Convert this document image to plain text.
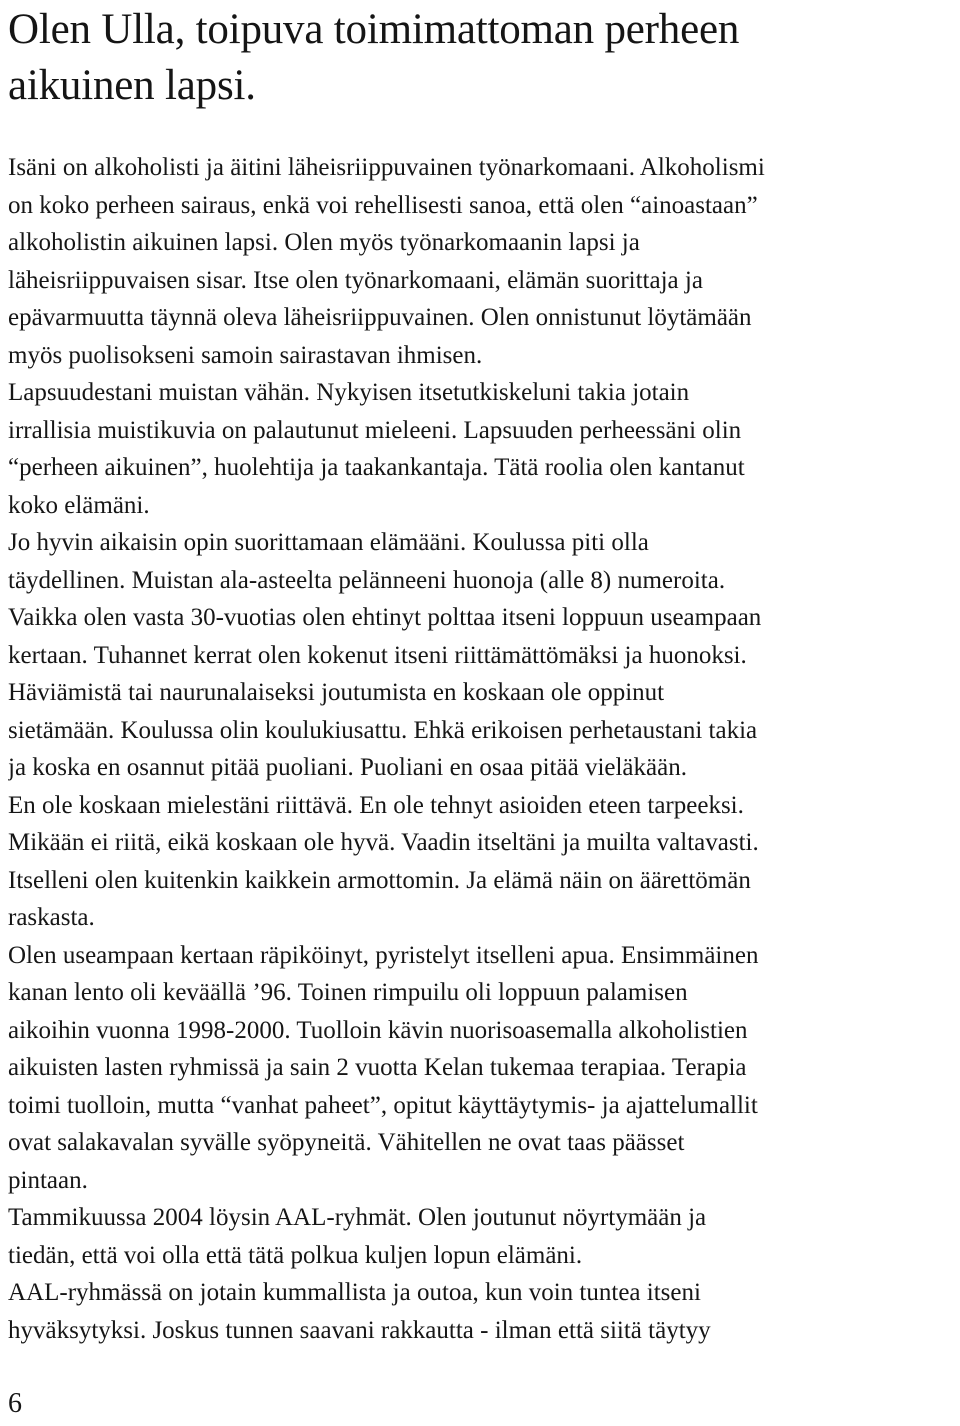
Olen Ulla, toipuva toimimattoman perheen
aikuinen lapsi.
Isäni on alkoholisti ja äitini läheisriippuvainen työnarkomaani. Alkoholismi
on koko perheen sairaus, enkä voi rehellisesti sanoa, että olen “ainoastaan”
alkoholistin aikuinen lapsi. Olen myös työnarkomaanin lapsi ja
läheisriippuvaisen sisar. Itse olen työnarkomaani, elämän suorittaja ja
epävarmuutta täynnä oleva läheisriippuvainen. Olen onnistunut löytämään
myös puolisokseni samoin sairastavan ihmisen.
Lapsuudestani muistan vähän. Nykyisen itsetutkiskeluni takia jotain
irrallisia muistikuvia on palautunut mieleeni. Lapsuuden perheessäni olin
“perheen aikuinen”, huolehtija ja taakankantaja. Tätä roolia olen kantanut
koko elämäni.
Jo hyvin aikaisin opin suorittamaan elämääni. Koulussa piti olla
täydellinen. Muistan ala-asteelta pelänneeni huonoja (alle 8) numeroita.
Vaikka olen vasta 30-vuotias olen ehtinyt polttaa itseni loppuun useampaan
kertaan. Tuhannet kerrat olen kokenut itseni riittämättömäksi ja huonoksi.
Häviämistä tai naurunalaiseksi joutumista en koskaan ole oppinut
sietämään. Koulussa olin koulukiusattu. Ehkä erikoisen perhetaustani takia
ja koska en osannut pitää puoliani. Puoliani en osaa pitää vieläkään.
En ole koskaan mielestäni riittävä. En ole tehnyt asioiden eteen tarpeeksi.
Mikään ei riitä, eikä koskaan ole hyvä. Vaadin itseltäni ja muilta valtavasti.
Itselleni olen kuitenkin kaikkein armottomin. Ja elämä näin on äärettömän
raskasta.
Olen useampaan kertaan räpiköinyt, pyristelyt itselleni apua. Ensimmäinen
kanan lento oli keväällä ’96. Toinen rimpuilu oli loppuun palamisen
aikoihin vuonna 1998-2000. Tuolloin kävin nuorisoasemalla alkoholistien
aikuisten lasten ryhmissä ja sain 2 vuotta Kelan tukemaa terapiaa. Terapia
toimi tuolloin, mutta “vanhat paheet”, opitut käyttäytymis- ja ajattelumallit
ovat salakavalan syvälle syöpyneitä. Vähitellen ne ovat taas päässet
pintaan.
Tammikuussa 2004 löysin AAL-ryhmät. Olen joutunut nöyrtymään ja
tiedän, että voi olla että tätä polkua kuljen lopun elämäni.
AAL-ryhmässä on jotain kummallista ja outoa, kun voin tuntea itseni
hyväksytyksi. Joskus tunnen saavani rakkautta - ilman että siitä täytyy
6
